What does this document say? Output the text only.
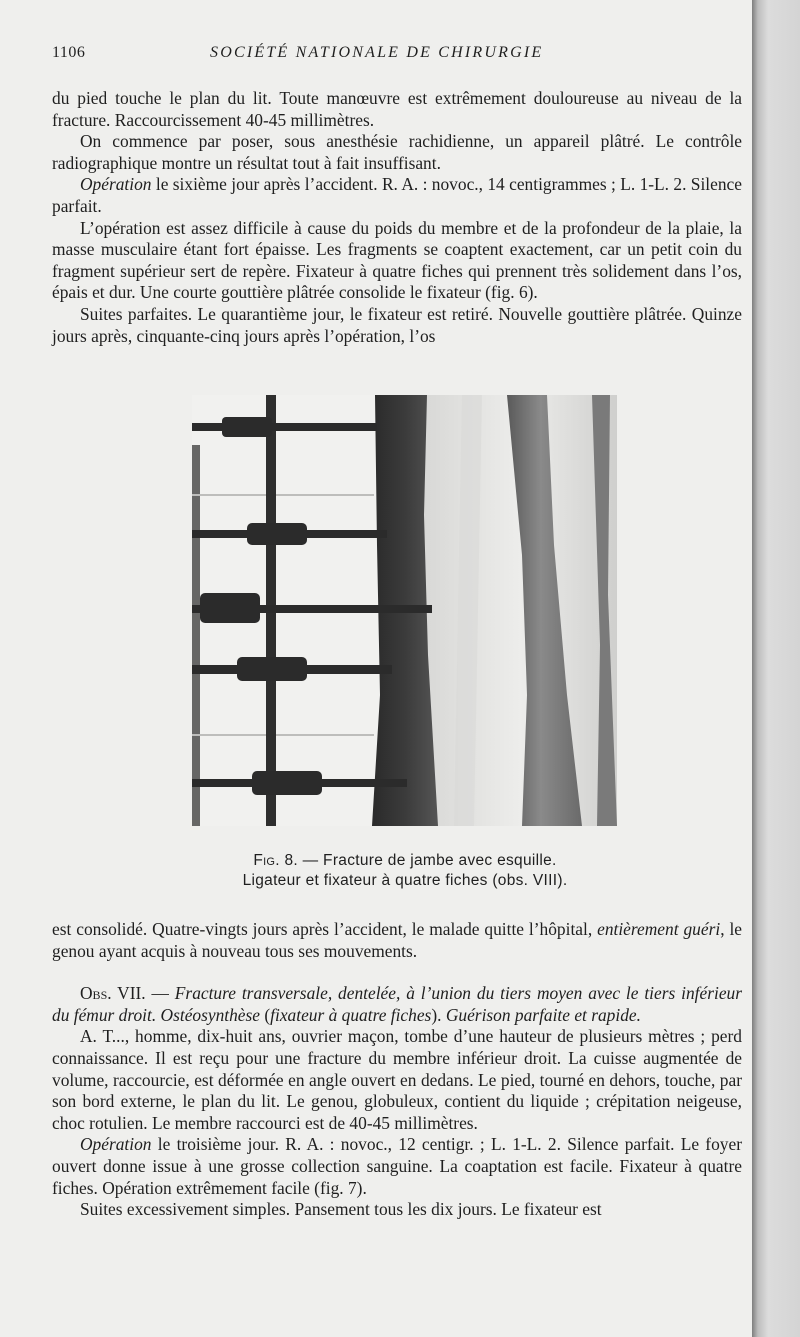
1106	SOCIÉTÉ NATIONALE DE CHIRURGIE

du pied touche le plan du lit. Toute manœuvre est extrêmement douloureuse au niveau de la fracture. Raccourcissement 40-45 millimètres.

On commence par poser, sous anesthésie rachidienne, un appareil plâtré. Le contrôle radiographique montre un résultat tout à fait insuffisant.

Opération le sixième jour après l’accident. R. A. : novoc., 14 centigrammes ; L. 1-L. 2. Silence parfait.

L’opération est assez difficile à cause du poids du membre et de la profondeur de la plaie, la masse musculaire étant fort épaisse. Les fragments se coaptent exactement, car un petit coin du fragment supérieur sert de repère. Fixateur à quatre fiches qui prennent très solidement dans l’os, épais et dur. Une courte gouttière plâtrée consolide le fixateur (fig. 6).

Suites parfaites. Le quarantième jour, le fixateur est retiré. Nouvelle gouttière plâtrée. Quinze jours après, cinquante-cinq jours après l’opération, l’os

Fig. 8. — Fracture de jambe avec esquille.
Ligateur et fixateur à quatre fiches (obs. VIII).

est consolidé. Quatre-vingts jours après l’accident, le malade quitte l’hôpital, entièrement guéri, le genou ayant acquis à nouveau tous ses mouvements.

Obs. VII. — Fracture transversale, dentelée, à l’union du tiers moyen avec le tiers inférieur du fémur droit. Ostéosynthèse (fixateur à quatre fiches). Guérison parfaite et rapide.

A. T..., homme, dix-huit ans, ouvrier maçon, tombe d’une hauteur de plusieurs mètres ; perd connaissance. Il est reçu pour une fracture du membre inférieur droit. La cuisse augmentée de volume, raccourcie, est déformée en angle ouvert en dedans. Le pied, tourné en dehors, touche, par son bord externe, le plan du lit. Le genou, globuleux, contient du liquide ; crépitation neigeuse, choc rotulien. Le membre raccourci est de 40-45 millimètres.

Opération le troisième jour. R. A. : novoc., 12 centigr. ; L. 1-L. 2. Silence parfait. Le foyer ouvert donne issue à une grosse collection sanguine. La coaptation est facile. Fixateur à quatre fiches. Opération extrêmement facile (fig. 7).

Suites excessivement simples. Pansement tous les dix jours. Le fixateur est
